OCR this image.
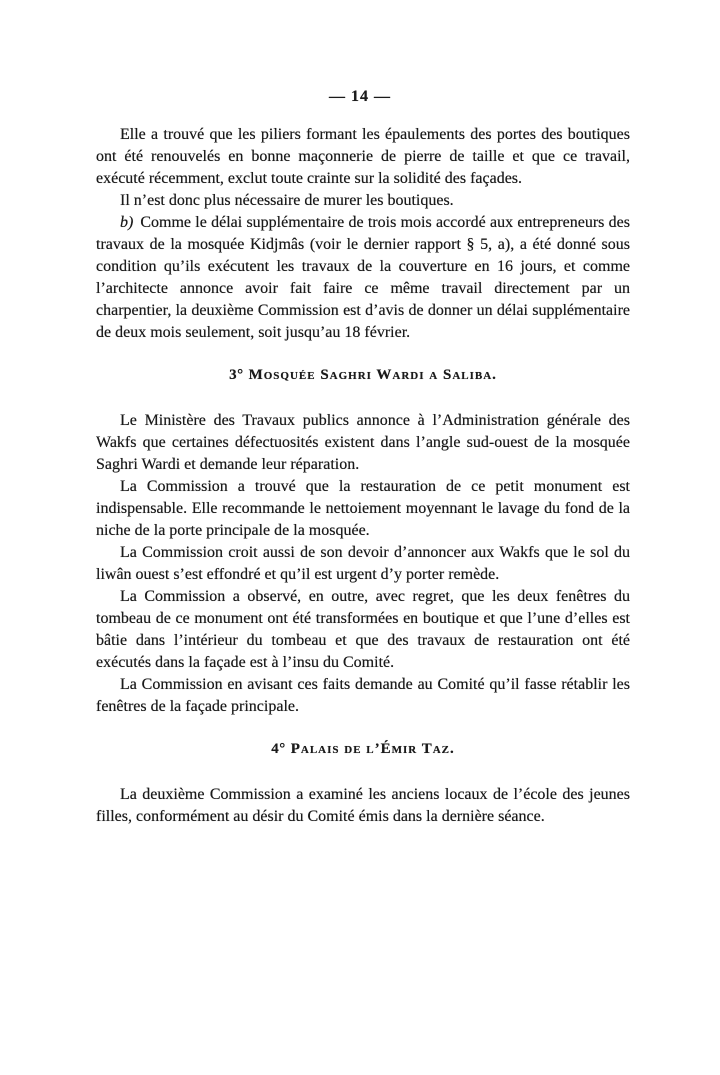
— 14 —

Elle a trouvé que les piliers formant les épaulements des portes des boutiques ont été renouvelés en bonne maçonnerie de pierre de taille et que ce travail, exécuté récemment, exclut toute crainte sur la solidité des façades.

Il n’est donc plus nécessaire de murer les boutiques.

b) Comme le délai supplémentaire de trois mois accordé aux entrepreneurs des travaux de la mosquée Kidjmâs (voir le dernier rapport § 5, a), a été donné sous condition qu’ils exécutent les travaux de la couverture en 16 jours, et comme l’architecte annonce avoir fait faire ce même travail directement par un charpentier, la deuxième Commission est d’avis de donner un délai supplémentaire de deux mois seulement, soit jusqu’au 18 février.

3° Mosquée Saghri Wardi a Saliba.

Le Ministère des Travaux publics annonce à l’Administration générale des Wakfs que certaines défectuosités existent dans l’angle sud-ouest de la mosquée Saghri Wardi et demande leur réparation.

La Commission a trouvé que la restauration de ce petit monument est indispensable. Elle recommande le nettoiement moyennant le lavage du fond de la niche de la porte principale de la mosquée.

La Commission croit aussi de son devoir d’annoncer aux Wakfs que le sol du liwân ouest s’est effondré et qu’il est urgent d’y porter remède.

La Commission a observé, en outre, avec regret, que les deux fenêtres du tombeau de ce monument ont été transformées en boutique et que l’une d’elles est bâtie dans l’intérieur du tombeau et que des travaux de restauration ont été exécutés dans la façade est à l’insu du Comité.

La Commission en avisant ces faits demande au Comité qu’il fasse rétablir les fenêtres de la façade principale.

4° Palais de l’Émir Taz.

La deuxième Commission a examiné les anciens locaux de l’école des jeunes filles, conformément au désir du Comité émis dans la dernière séance.
